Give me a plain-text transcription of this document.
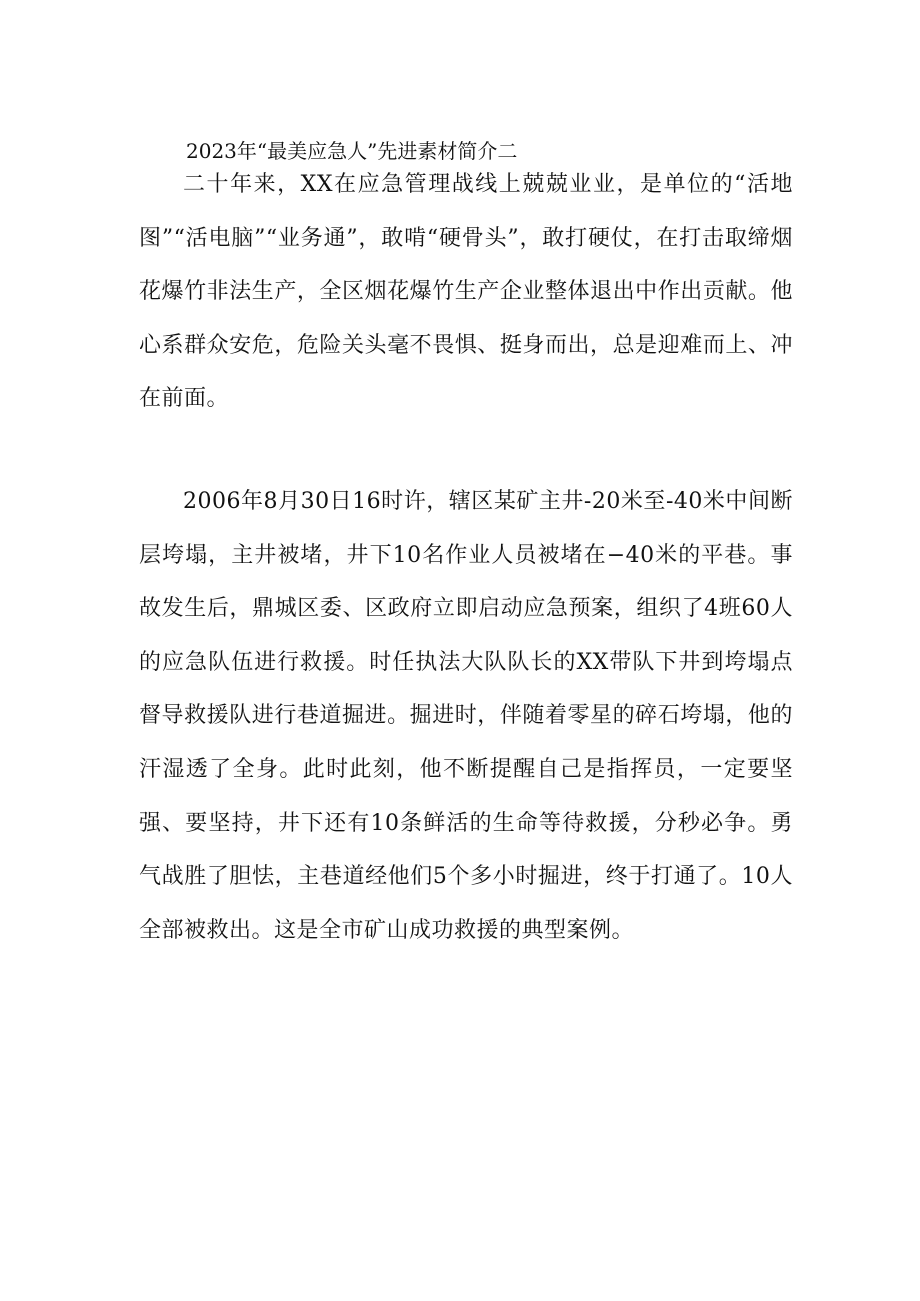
2023年“最美应急人”先进素材简介二

二十年来，XX在应急管理战线上兢兢业业，是单位的“活地图”“活电脑”“业务通”，敢啃“硬骨头”，敢打硬仗，在打击取缔烟花爆竹非法生产，全区烟花爆竹生产企业整体退出中作出贡献。他心系群众安危，危险关头毫不畏惧、挺身而出，总是迎难而上、冲在前面。

2006年8月30日16时许，辖区某矿主井-20米至-40米中间断层垮塌，主井被堵，井下10名作业人员被堵在−40米的平巷。事故发生后，鼎城区委、区政府立即启动应急预案，组织了4班60人的应急队伍进行救援。时任执法大队队长的XX带队下井到垮塌点督导救援队进行巷道掘进。掘进时，伴随着零星的碎石垮塌，他的汗湿透了全身。此时此刻，他不断提醒自己是指挥员，一定要坚强、要坚持，井下还有10条鲜活的生命等待救援，分秒必争。勇气战胜了胆怯，主巷道经他们5个多小时掘进，终于打通了。10人全部被救出。这是全市矿山成功救援的典型案例。
